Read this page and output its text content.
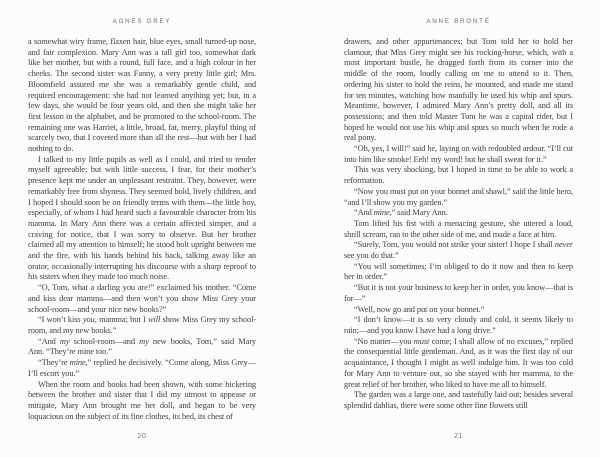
AGNES GREY

a somewhat wiry frame, flaxen hair, blue eyes, small turned-up nose, and fair complexion. Mary Ann was a tall girl too, somewhat dark like her mother, but with a round, full face, and a high colour in her cheeks. The second sister was Fanny, a very pretty little girl; Mrs. Bloomfield assured me she was a remarkably gentle child, and required encouragement: she had not learned anything yet; but, in a few days, she would be four years old, and then she might take her first lesson in the alphabet, and be promoted to the school-room. The remaining one was Harriet, a little, broad, fat, merry, playful thing of scarcely two, that I coveted more than all the rest—but with her I had nothing to do.

I talked to my little pupils as well as I could, and tried to render myself agreeable; but with little success, I fear, for their mother’s presence kept me under an unpleasant restraint. They, however, were remarkably free from shyness. They seemed bold, lively children, and I hoped I should soon be on friendly terms with them—the little boy, especially, of whom I had heard such a favourable character from his mamma. In Mary Ann there was a certain affected simper, and a craving for notice, that I was sorry to observe. But her brother claimed all my attention to himself; he stood bolt upright between me and the fire, with his hands behind his back, talking away like an orator, occasionally interrupting his discourse with a sharp reproof to his sisters when they made too much noise.

“O, Tom, what a darling you are!” exclaimed his mother. “Come and kiss dear mamma—and then won’t you show Miss Grey your school-room—and your nice new books?”

“I won’t kiss you, mamma; but I will show Miss Grey my school-room, and my new books.”

“And my school-room—and my new books, Tom,” said Mary Ann. “They’re mine too.”

“They’re mine,” replied he decisively. “Come along, Miss Grey—I’ll escort you.”

When the room and books had been shown, with some bickering between the brother and sister that I did my utmost to appease or mitigate, Mary Ann brought me her doll, and began to be very loquacious on the subject of its fine clothes, its bed, its chest of

20
ANNE BRONTË

drawers, and other appurtenances; but Tom told her to hold her clamour, that Miss Grey might see his rocking-horse, which, with a most important bustle, he dragged forth from its corner into the middle of the room, loudly calling on me to attend to it. Then, ordering his sister to hold the reins, he mounted, and made me stand for ten minutes, watching how manfully he used his whip and spurs. Meantime, however, I admired Mary Ann’s pretty doll, and all its possessions; and then told Master Tom he was a capital rider, but I hoped he would not use his whip and spurs so much when he rode a real pony.

“Oh, yes, I will!” said he, laying on with redoubled ardour. “I’ll cut into him like smoke! Eeh! my word! but he shall sweat for it.”

This was very shocking, but I hoped in time to be able to work a reformation.

“Now you must put on your bonnet and shawl,” said the little hero, “and I’ll show you my garden.”

“And mine,” said Mary Ann.

Tom lifted his fist with a menacing gesture, she uttered a loud, shrill scream, ran to the other side of me, and made a face at him.

“Surely, Tom, you would not strike your sister! I hope I shall never see you do that.”

“You will sometimes; I’m obliged to do it now and then to keep her in order.”

“But it is not your business to keep her in order, you know—that is for—”

“Well, now go and put on your bonnet.”

“I don’t know—it is so very cloudy and cold, it seems likely to rain;—and you know I have had a long drive.”

“No matter—you must come; I shall allow of no excuses,” replied the consequential little gentleman. And, as it was the first day of our acquaintance, I thought I might as well indulge him. It was too cold for Mary Ann to venture out, so she stayed with her mamma, to the great relief of her brother, who liked to have me all to himself.

The garden was a large one, and tastefully laid out; besides several splendid dahlias, there were some other fine flowers still

21
